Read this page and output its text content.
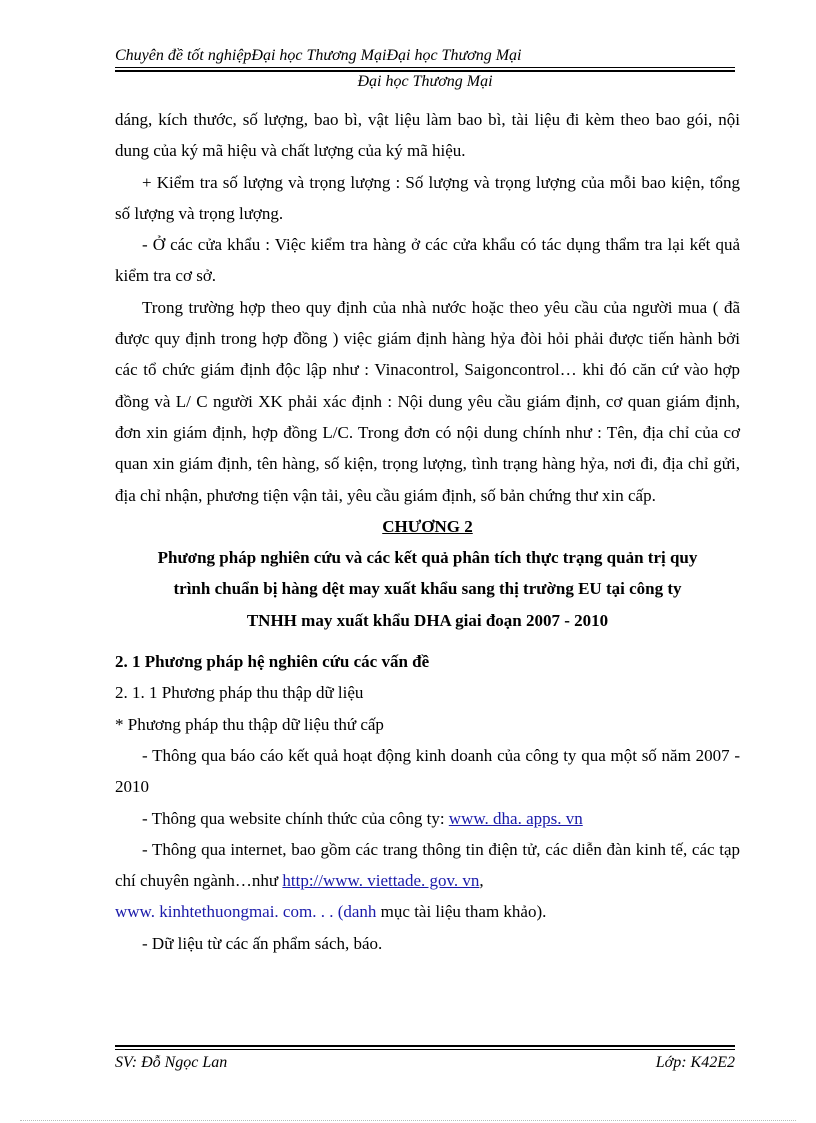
Chuyên đề tốt nghiệpĐại học Thương MạiĐại học Thương Mại
Đại học Thương Mại

dáng, kích thước, số lượng, bao bì, vật liệu làm bao bì, tài liệu đi kèm theo bao gói, nội dung của ký mã hiệu và chất lượng của ký mã hiệu.

+ Kiểm tra số lượng và trọng lượng : Số lượng và trọng lượng của mỗi bao kiện, tổng số lượng và trọng lượng.

- Ở các cửa khẩu : Việc kiểm tra hàng ở các cửa khẩu có tác dụng thẩm tra lại kết quả kiểm tra cơ sở.

Trong trường hợp theo quy định của nhà nước hoặc theo yêu cầu của người mua ( đã được quy định trong hợp đồng ) việc giám định hàng hỷa đòi hỏi phải được tiến hành bởi các tổ chức giám định độc lập như : Vinacontrol, Saigoncontrol… khi đó căn cứ vào hợp đồng và L/ C người XK phải xác định : Nội dung yêu cầu giám định, cơ quan giám định, đơn xin giám định, hợp đồng L/C. Trong đơn có nội dung chính như : Tên, địa chỉ của cơ quan xin giám định, tên hàng, số kiện, trọng lượng, tình trạng hàng hỷa, nơi đi, địa chỉ gửi, địa chỉ nhận, phương tiện vận tải, yêu cầu giám định, số bản chứng thư xin cấp.

CHƯƠNG 2

Phương pháp nghiên cứu và các kết quả phân tích thực trạng quản trị quy

trình chuẩn bị hàng dệt may xuất khẩu sang thị trường EU tại công ty

TNHH may xuất khẩu DHA giai đoạn 2007 - 2010

2. 1 Phương pháp hệ nghiên cứu các vấn đề

2. 1. 1 Phương pháp thu thập dữ liệu

* Phương pháp thu thập dữ liệu thứ cấp

- Thông qua báo cáo kết quả hoạt động kinh doanh của công ty qua một số năm 2007 - 2010

- Thông qua website chính thức của công ty: www. dha. apps. vn

- Thông qua internet, bao gồm các trang thông tin điện tử, các diễn đàn kinh tế, các tạp chí chuyên ngành…như http://www. viettade. gov. vn,
www. kinhtethuongmai. com. . . (danh mục tài liệu tham khảo).

- Dữ liệu từ các ấn phẩm sách, báo.

SV: Đỗ Ngọc Lan	Lớp: K42E2
